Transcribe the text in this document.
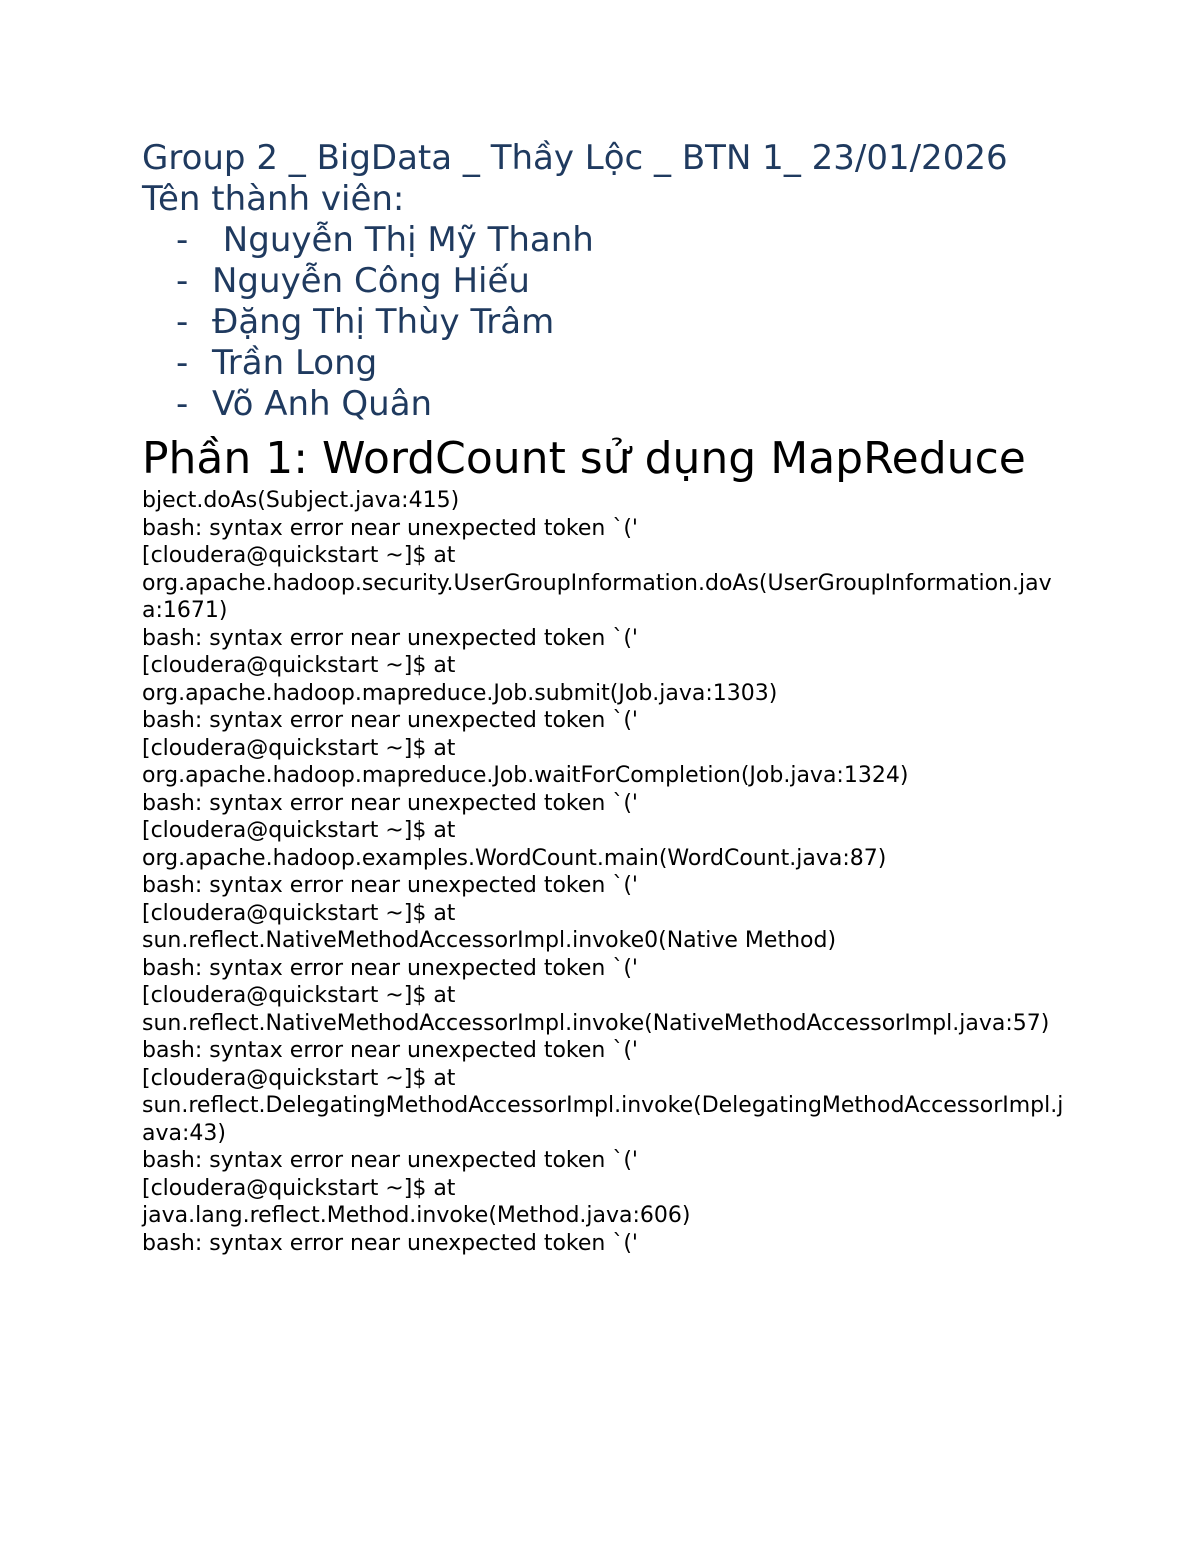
Group 2 _ BigData _ Thầy Lộc _ BTN 1_ 23/01/2026

Tên thành viên:

- Nguyễn Thị Mỹ Thanh
- Nguyễn Công Hiếu
- Đặng Thị Thùy Trâm
- Trần Long
- Võ Anh Quân
Phần 1: WordCount sử dụng MapReduce
bject.doAs(Subject.java:415)
bash: syntax error near unexpected token `('
[cloudera@quickstart ~]$ at
org.apache.hadoop.security.UserGroupInformation.doAs(UserGroupInformation.java:1671)
bash: syntax error near unexpected token `('
[cloudera@quickstart ~]$ at
org.apache.hadoop.mapreduce.Job.submit(Job.java:1303)
bash: syntax error near unexpected token `('
[cloudera@quickstart ~]$ at
org.apache.hadoop.mapreduce.Job.waitForCompletion(Job.java:1324)
bash: syntax error near unexpected token `('
[cloudera@quickstart ~]$ at
org.apache.hadoop.examples.WordCount.main(WordCount.java:87)
bash: syntax error near unexpected token `('
[cloudera@quickstart ~]$ at
sun.reflect.NativeMethodAccessorImpl.invoke0(Native Method)
bash: syntax error near unexpected token `('
[cloudera@quickstart ~]$ at
sun.reflect.NativeMethodAccessorImpl.invoke(NativeMethodAccessorImpl.java:57)
bash: syntax error near unexpected token `('
[cloudera@quickstart ~]$ at
sun.reflect.DelegatingMethodAccessorImpl.invoke(DelegatingMethodAccessorImpl.java:43)
bash: syntax error near unexpected token `('
[cloudera@quickstart ~]$ at
java.lang.reflect.Method.invoke(Method.java:606)
bash: syntax error near unexpected token `('
